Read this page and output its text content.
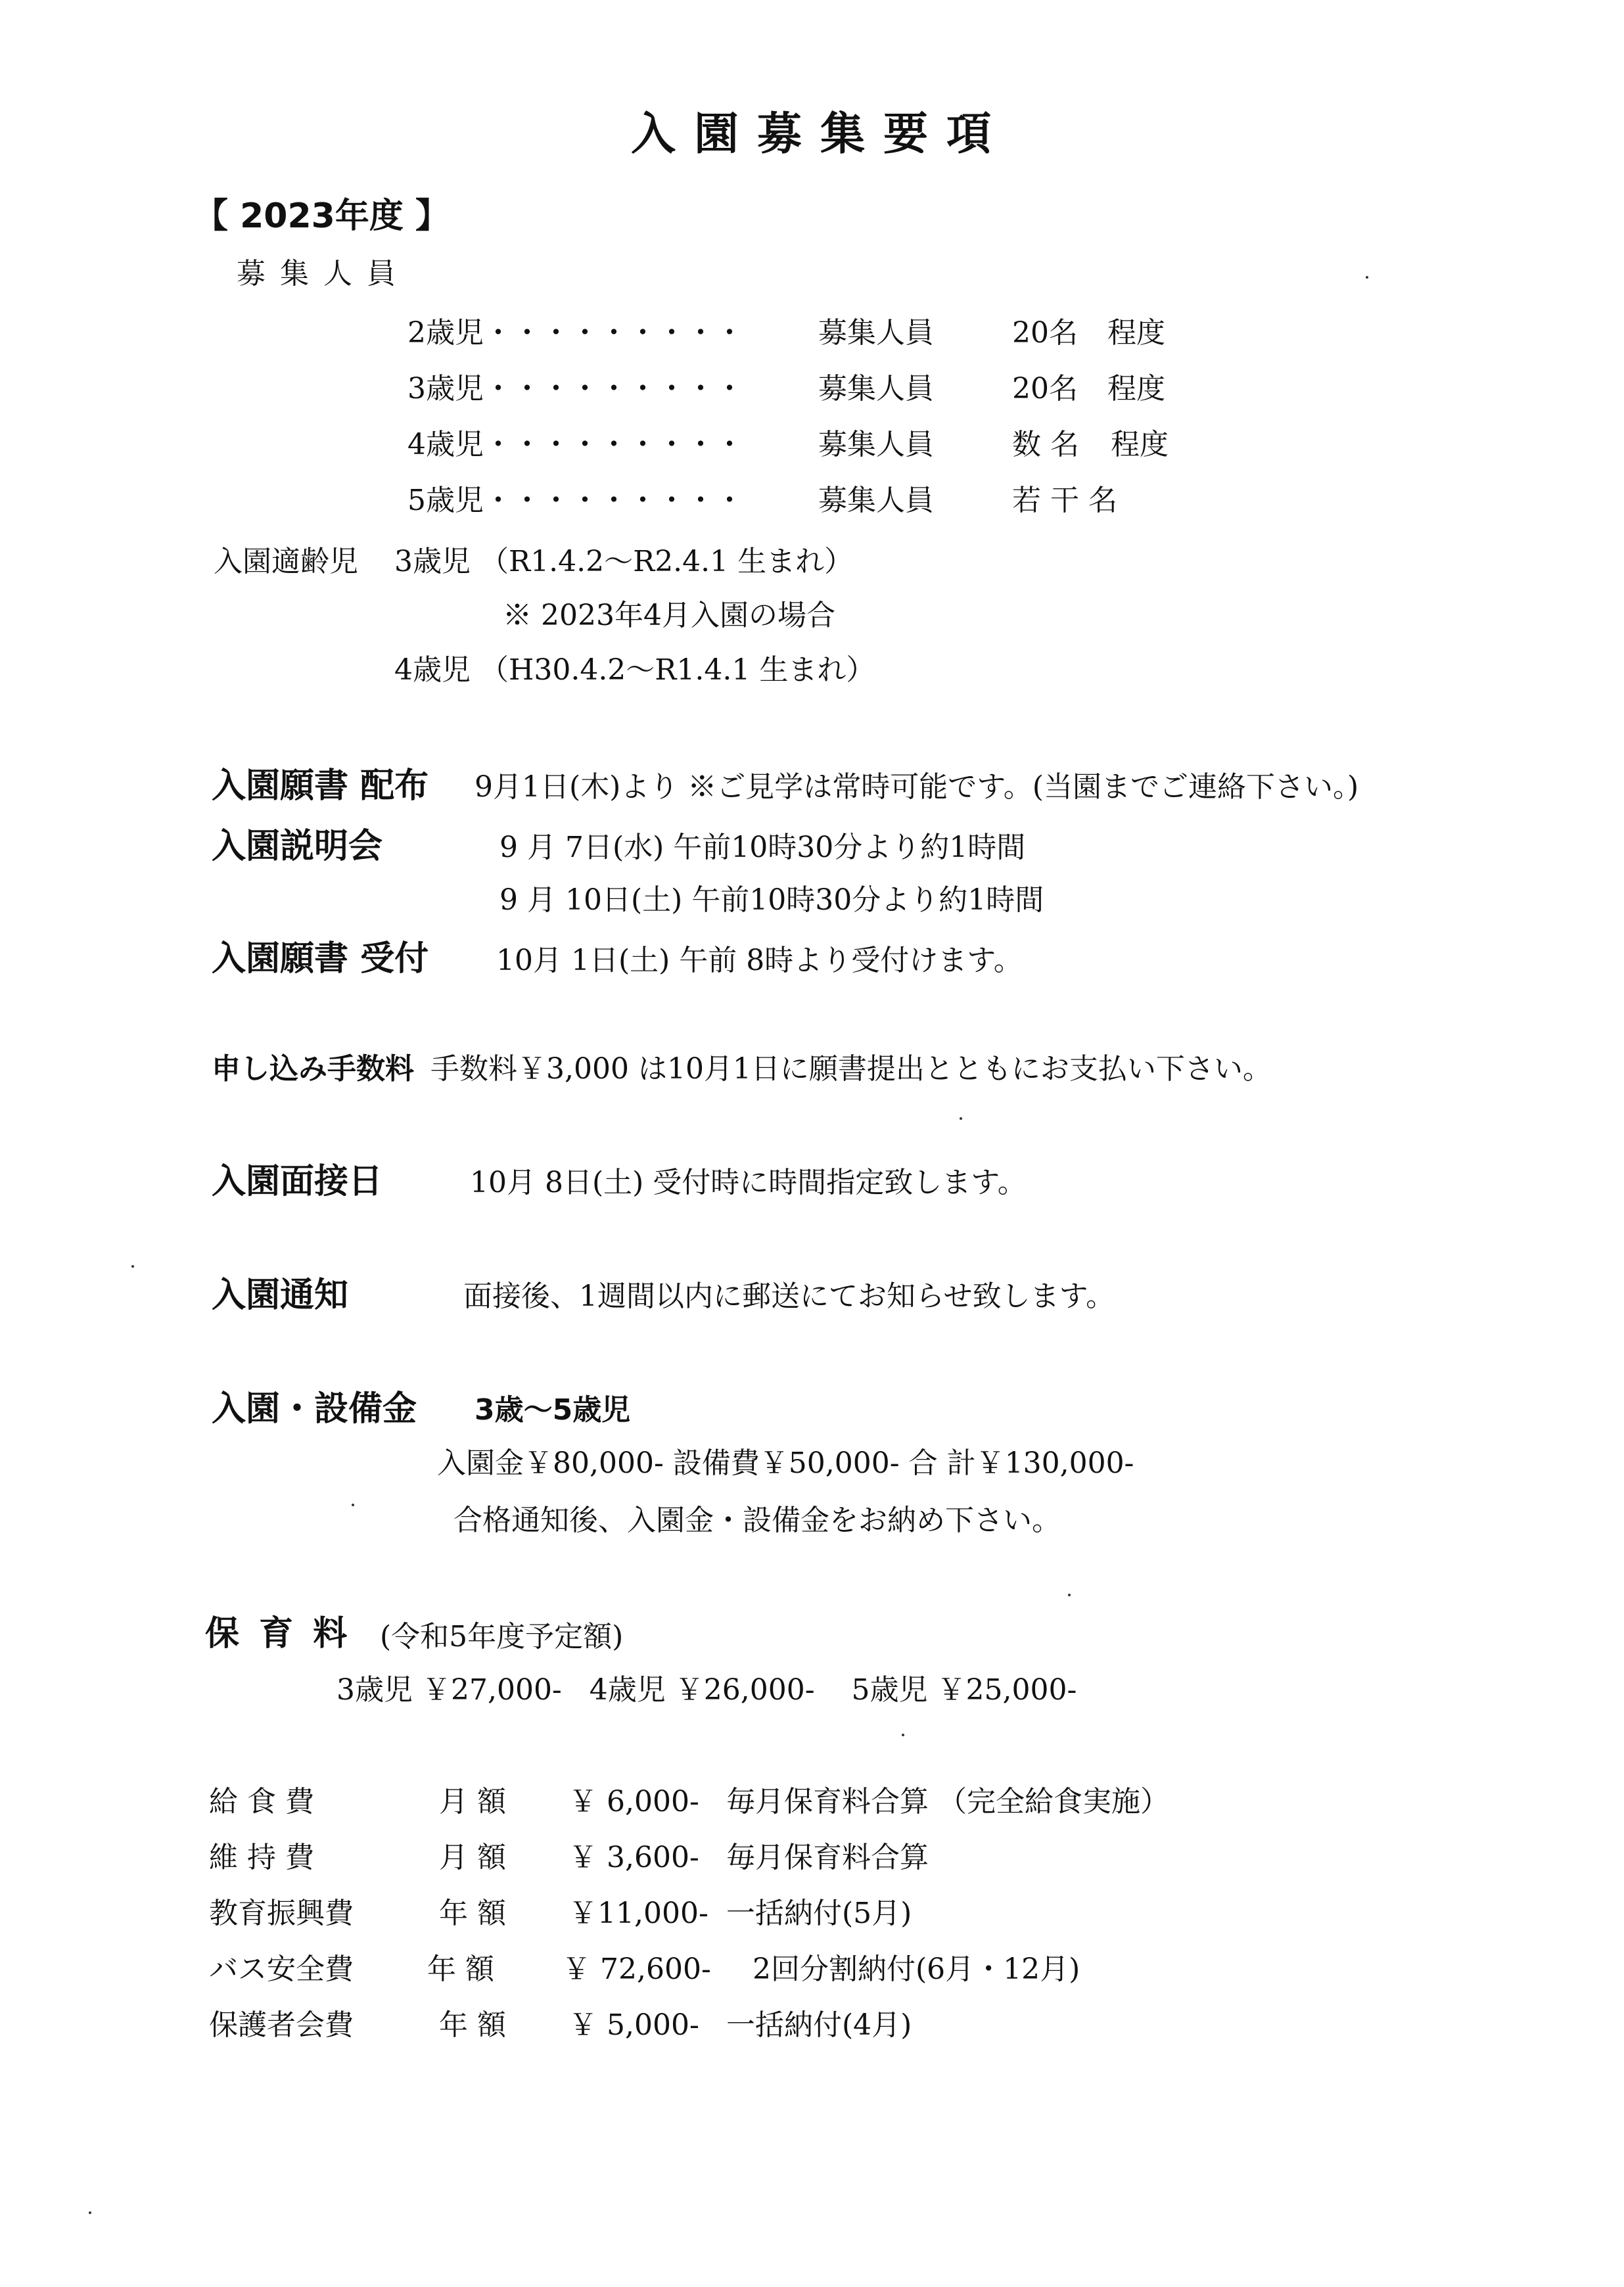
入園募集要項
【 2023年度 】
募集人員
2歳児・・・・・・・・・	募集人員	20名 程度
3歳児・・・・・・・・・	募集人員	20名 程度
4歳児・・・・・・・・・	募集人員	数 名 程度
5歳児・・・・・・・・・	募集人員	若 干 名
入園適齢児 3歳児 （R1.4.2～R2.4.1 生まれ）
※ 2023年4月入園の場合
4歳児 （H30.4.2～R1.4.1 生まれ）
入園願書 配布 9月1日(木)より ※ご見学は常時可能です。(当園までご連絡下さい。)
入園説明会	9 月 7日(水) 午前10時30分より約1時間
9 月 10日(土) 午前10時30分より約1時間
入園願書 受付 10月 1日(土) 午前 8時より受付けます。
申し込み手数料 手数料￥3,000 は10月1日に願書提出とともにお支払い下さい。
入園面接日	10月 8日(土) 受付時に時間指定致します。
入園通知	面接後、1週間以内に郵送にてお知らせ致します。
入園・設備金 3歳～5歳児
入園金￥80,000- 設備費￥50,000- 合 計￥130,000-
合格通知後、入園金・設備金をお納め下さい。
保 育 料 (令和5年度予定額)
3歳児 ￥27,000-   4歳児 ￥26,000-    5歳児 ￥25,000-
給 食 費	月 額 ￥ 6,000- 毎月保育料合算 （完全給食実施）
維 持 費	月 額 ￥ 3,600- 毎月保育料合算
教育振興費	年 額 ￥11,000- 一括納付(5月)
バス安全費	年 額 ￥ 72,600- 2回分割納付(6月・12月)
保護者会費	年 額 ￥ 5,000- 一括納付(4月)
